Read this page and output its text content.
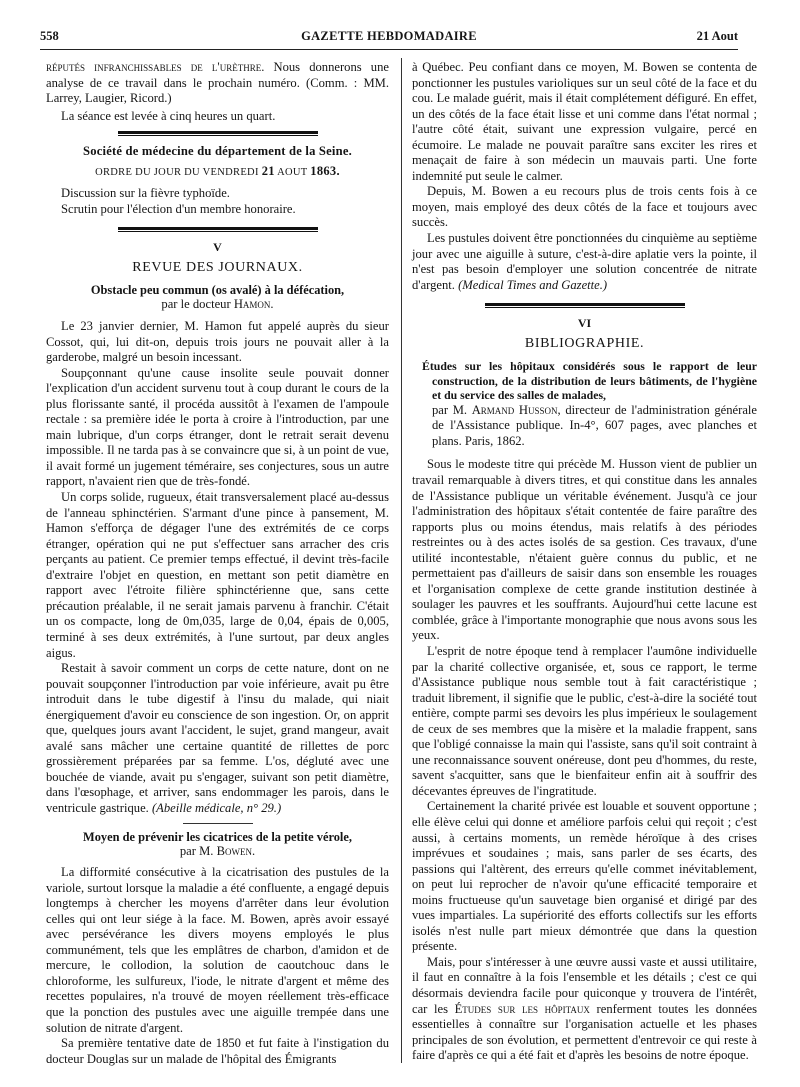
558	GAZETTE HEBDOMADAIRE	21 Aout

réputés infranchissables de l'urèthre. Nous donnerons une analyse de ce travail dans le prochain numéro. (Comm. : MM. Larrey, Laugier, Ricord.)

La séance est levée à cinq heures un quart.

Société de médecine du département de la Seine.
ORDRE DU JOUR DU VENDREDI 21 AOUT 1863.

Discussion sur la fièvre typhoïde.

Scrutin pour l'élection d'un membre honoraire.

V
REVUE DES JOURNAUX.
Obstacle peu commun (os avalé) à la défécation,
par le docteur Hamon.

Le 23 janvier dernier, M. Hamon fut appelé auprès du sieur Cossot, qui, lui dit-on, depuis trois jours ne pouvait aller à la garderobe, malgré un besoin incessant.

Soupçonnant qu'une cause insolite seule pouvait donner l'explication d'un accident survenu tout à coup durant le cours de la plus florissante santé, il procéda aussitôt à l'examen de l'ampoule rectale : sa première idée le porta à croire à l'introduction, par une main lubrique, d'un corps étranger, dont le retrait serait devenu impossible. Il ne tarda pas à se convaincre que si, à un point de vue, il avait formé un jugement téméraire, ses conjectures, sous un autre rapport, n'avaient rien que de très-fondé.

Un corps solide, rugueux, était transversalement placé au-dessus de l'anneau sphinctérien. S'armant d'une pince à pansement, M. Hamon s'efforça de dégager l'une des extrémités de ce corps étranger, opération qui ne put s'effectuer sans arracher des cris perçants au patient. Ce premier temps effectué, il devint très-facile d'extraire l'objet en question, en mettant son petit diamètre en rapport avec l'étroite filière sphinctérienne que, sans cette précaution préalable, il ne serait jamais parvenu à franchir. C'était un os compacte, long de 0m,035, large de 0,04, épais de 0,005, terminé à ses deux extrémités, à l'une surtout, par deux angles aigus.

Restait à savoir comment un corps de cette nature, dont on ne pouvait soupçonner l'introduction par voie inférieure, avait pu être introduit dans le tube digestif à l'insu du malade, qui niait énergiquement d'avoir eu conscience de son ingestion. Or, on apprit que, quelques jours avant l'accident, le sujet, grand mangeur, avait avalé sans mâcher une certaine quantité de rillettes de porc grossièrement préparées par sa femme. L'os, dégluté avec une bouchée de viande, avait pu s'engager, suivant son petit diamètre, dans l'œsophage, et arriver, sans endommager les parois, dans le ventricule gastrique. (Abeille médicale, n° 29.)

Moyen de prévenir les cicatrices de la petite vérole,
par M. Bowen.

La difformité consécutive à la cicatrisation des pustules de la variole, surtout lorsque la maladie a été confluente, a engagé depuis longtemps à chercher les moyens d'arrêter dans leur évolution celles qui ont leur siége à la face. M. Bowen, après avoir essayé avec persévérance les divers moyens employés le plus communément, tels que les emplâtres de charbon, d'amidon et de mercure, le collodion, la solution de caoutchouc dans le chloroforme, les sulfureux, l'iode, le nitrate d'argent et même des recettes populaires, n'a trouvé de moyen réellement très-efficace que la ponction des pustules avec une aiguille trempée dans une solution de nitrate d'argent.

Sa première tentative date de 1850 et fut faite à l'instigation du docteur Douglas sur un malade de l'hôpital des Émigrants

à Québec. Peu confiant dans ce moyen, M. Bowen se contenta de ponctionner les pustules varioliques sur un seul côté de la face et du cou. Le malade guérit, mais il était complétement défiguré. En effet, un des côtés de la face était lisse et uni comme dans l'état normal ; l'autre côté était, suivant une expression vulgaire, percé en écumoire. Le malade ne pouvait paraître sans exciter les rires et menaçait de faire à son médecin un mauvais parti. Une forte indemnité put seule le calmer.

Depuis, M. Bowen a eu recours plus de trois cents fois à ce moyen, mais employé des deux côtés de la face et toujours avec succès.

Les pustules doivent être ponctionnées du cinquième au septième jour avec une aiguille à suture, c'est-à-dire aplatie vers la pointe, il n'est pas besoin d'employer une solution concentrée de nitrate d'argent. (Medical Times and Gazette.)

VI
BIBLIOGRAPHIE.
Études sur les hôpitaux considérés sous le rapport de leur construction, de la distribution de leurs bâtiments, de l'hygiène et du service des salles de malades,
par M. Armand Husson, directeur de l'administration générale de l'Assistance publique. In-4°, 607 pages, avec planches et plans. Paris, 1862.

Sous le modeste titre qui précède M. Husson vient de publier un travail remarquable à divers titres, et qui constitue dans les annales de l'Assistance publique un véritable événement. Jusqu'à ce jour l'administration des hôpitaux s'était contentée de faire paraître des rapports plus ou moins étendus, mais relatifs à des périodes restreintes ou à des actes isolés de sa gestion. Ces travaux, d'une utilité incontestable, n'étaient guère connus du public, et ne permettaient pas d'ailleurs de saisir dans son ensemble les rouages et l'organisation complexe de cette grande institution destinée à soulager les pauvres et les souffrants. Aujourd'hui cette lacune est comblée, grâce à l'importante monographie que nous avons sous les yeux.

L'esprit de notre époque tend à remplacer l'aumône individuelle par la charité collective organisée, et, sous ce rapport, le terme d'Assistance publique nous semble tout à fait caractéristique ; traduit librement, il signifie que le public, c'est-à-dire la société tout entière, compte parmi ses devoirs les plus impérieux le soulagement de ceux de ses membres que la misère et la maladie frappent, sans que l'obligé connaisse la main qui l'assiste, sans qu'il soit contraint à une reconnaissance souvent onéreuse, dont peu d'hommes, du reste, savent s'acquitter, sans que le bienfaiteur enfin ait à souffrir des décevantes épreuves de l'ingratitude.

Certainement la charité privée est louable et souvent opportune ; elle élève celui qui donne et améliore parfois celui qui reçoit ; c'est aussi, à certains moments, un remède héroïque à des crises imprévues et soudaines ; mais, sans parler de ses écarts, des passions qui l'altèrent, des erreurs qu'elle commet inévitablement, on peut lui reprocher de n'avoir qu'une efficacité temporaire et moins fructueuse qu'un sauvetage bien organisé et dirigé par des vues impartiales. La supériorité des efforts collectifs sur les efforts isolés n'est nulle part mieux démontrée que dans la question présente.

Mais, pour s'intéresser à une œuvre aussi vaste et aussi utilitaire, il faut en connaître à la fois l'ensemble et les détails ; c'est ce qui désormais deviendra facile pour quiconque y trouvera de l'intérêt, car les Études sur les hôpitaux renferment toutes les données essentielles à connaître sur l'organisation actuelle et les phases principales de son évolution, et permettent d'entrevoir ce qui reste à faire d'après ce qui a été fait et d'après les besoins de notre époque.
